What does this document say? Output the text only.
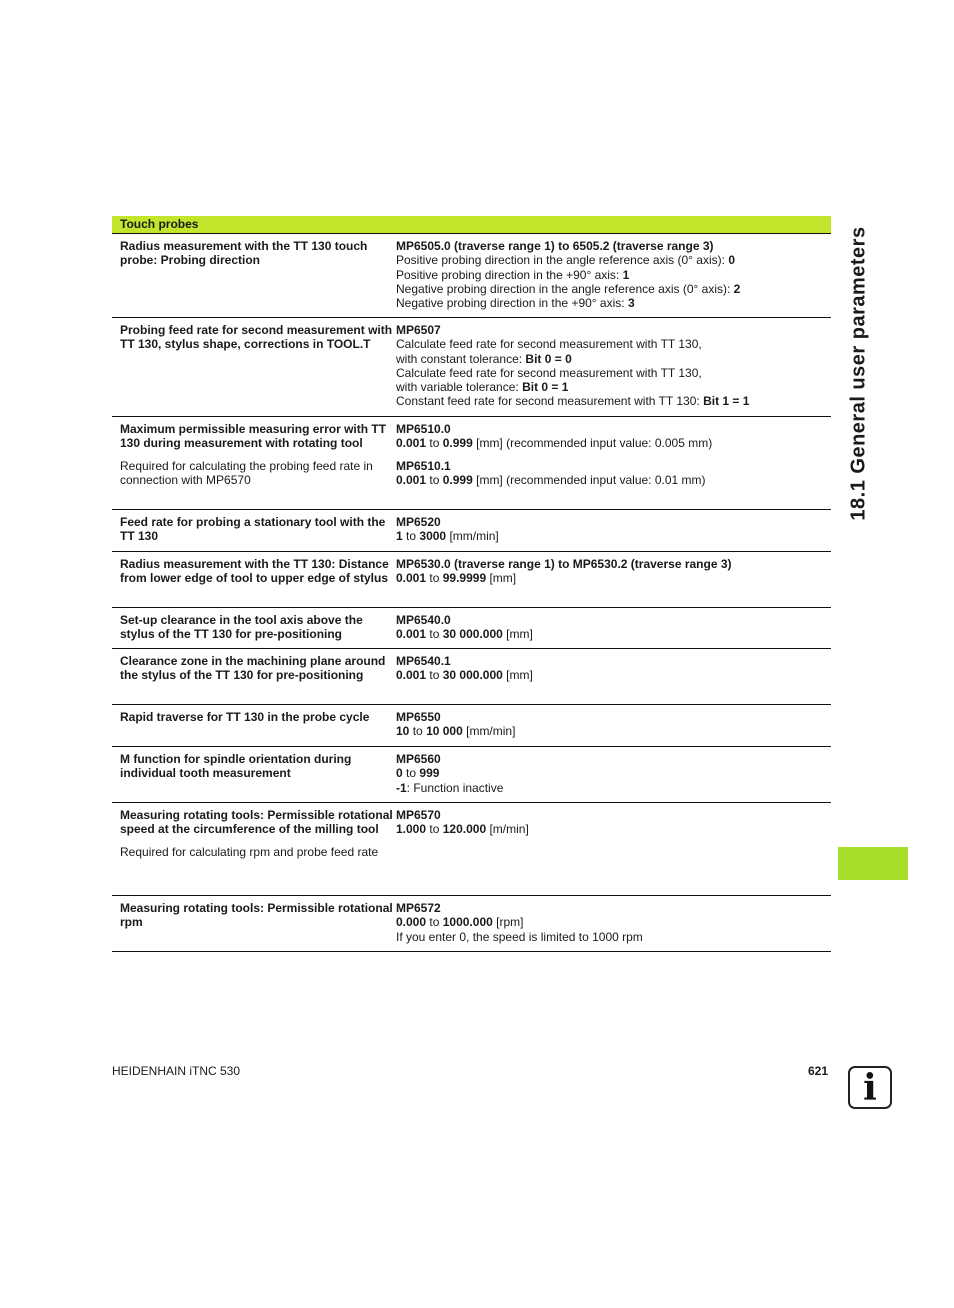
Touch probes
Radius measurement with the TT 130 touch probe: Probing direction
MP6505.0 (traverse range 1) to 6505.2 (traverse range 3)
Positive probing direction in the angle reference axis (0° axis): 0
Positive probing direction in the +90° axis: 1
Negative probing direction in the angle reference axis (0° axis): 2
Negative probing direction in the +90° axis: 3
Probing feed rate for second measurement with TT 130, stylus shape, corrections in TOOL.T
MP6507
Calculate feed rate for second measurement with TT 130,
with constant tolerance: Bit 0 = 0
Calculate feed rate for second measurement with TT 130,
with variable tolerance: Bit 0 = 1
Constant feed rate for second measurement with TT 130: Bit 1 = 1
Maximum permissible measuring error with TT 130 during measurement with rotating tool
Required for calculating the probing feed rate in connection with MP6570
MP6510.0
0.001 to 0.999 [mm] (recommended input value: 0.005 mm)
MP6510.1
0.001 to 0.999 [mm] (recommended input value: 0.01 mm)
Feed rate for probing a stationary tool with the TT 130
MP6520
1 to 3000 [mm/min]
Radius measurement with the TT 130: Distance from lower edge of tool to upper edge of stylus
MP6530.0 (traverse range 1) to MP6530.2 (traverse range 3)
0.001 to 99.9999 [mm]
Set-up clearance in the tool axis above the stylus of the TT 130 for pre-positioning
MP6540.0
0.001 to 30 000.000 [mm]
Clearance zone in the machining plane around the stylus of the TT 130 for pre-positioning
MP6540.1
0.001 to 30 000.000 [mm]
Rapid traverse for TT 130 in the probe cycle	MP6550
10 to 10 000 [mm/min]
M function for spindle orientation during individual tooth measurement
MP6560
0 to 999
-1: Function inactive
Measuring rotating tools: Permissible rotational speed at the circumference of the milling tool
Required for calculating rpm and probe feed rate
MP6570
1.000 to 120.000 [m/min]
Measuring rotating tools: Permissible rotational rpm
MP6572
0.000 to 1000.000 [rpm]
If you enter 0, the speed is limited to 1000 rpm
18.1 General user parameters
HEIDENHAIN iTNC 530	621 i
